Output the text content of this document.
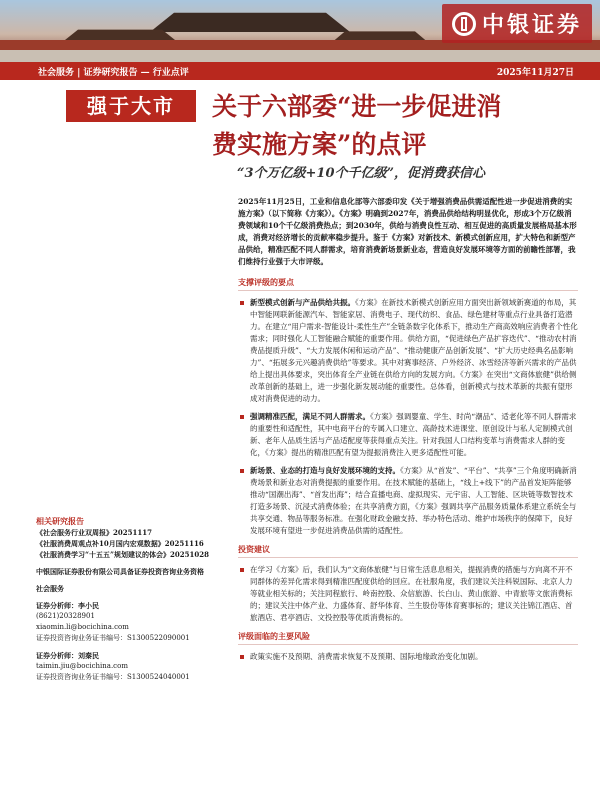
中银证券
社会服务 | 证券研究报告 — 行业点评	2025年11月27日
强于大市	关于六部委“进一步促进消
费实施方案”的点评
“3个万亿级+10个千亿级”，促消费获信心

2025年11月25日，工业和信息化部等六部委印发《关于增强消费品供需适配性进一步促进消费的实施方案》（以下简称《方案》）。《方案》明确到2027年，消费品供给结构明显优化，形成3个万亿级消费领域和10个千亿级消费热点；到2030年，供给与消费良性互动、相互促进的高质量发展格局基本形成，消费对经济增长的贡献率稳步提升。鉴于《方案》对新技术、新模式创新应用，扩大特色和新型产品供给，精准匹配不同人群需求，培育消费新场景新业态，营造良好发展环境等方面的前瞻性部署，我们维持行业强于大市评级。

支撑评级的要点
新型模式创新与产品供给共振。《方案》在新技术新模式创新应用方面突出新领域新赛道的布局，其中智能网联新能源汽车、智能家居、消费电子、现代纺织、食品、绿色建材等重点行业具备打造潜力。在建立“用户需求-智能设计-柔性生产”全链条数字化体系下，推动生产商高效响应消费者个性化需求；同时强化人工智能融合赋能的重要作用。供给方面，“促进绿色产品扩容迭代”、“推动农村消费品提质升级”、“大力发展休闲和运动产品”、“推动健康产品创新发展”、“扩大历史经典名品影响力”、“拓展多元兴趣消费供给”等要求。其中对赛事经济、户外经济、冰雪经济等新兴需求的产品供给上提出具体要求，突出体育全产业链在供给方向的发展方向。《方案》在突出“文商体旅健”供给侧改革创新的基础上，进一步强化新发展动能的重要性。总体看，创新模式与技术革新的共振有望形成对消费促进的动力。
强调精准匹配，满足不同人群需求。《方案》强调婴童、学生、时尚“潮品”、适老化等不同人群需求的重要性和适配性，其中电商平台的专属入口建立、高龄技术进课堂、原创设计与私人定制模式创新、老年人品质生活与产品适配度等获得重点关注。针对我国人口结构变革与消费需求人群的变化，《方案》提出的精准匹配有望为提振消费注入更多适配性可能。
新场景、业态的打造与良好发展环境的支持。《方案》从“首发”、“平台”、“共享”三个角度明确新消费场景和新业态对消费提振的重要作用。在技术赋能的基础上，“线上+线下”的产品首发矩阵能够推动“国潮出海”、“首发出海”；结合直播电商、虚拟现实、元宇宙、人工智能、区块链等数智技术打造多场景、沉浸式消费体验；在共享消费方面，《方案》强调共享产品服务质量体系建立系统全与共享交通、物品等服务标准。在强化财政金融支持、举办特色活动、维护市场秩序的保障下，良好发展环境有望进一步促进消费品供需的适配性。
投资建议
在学习《方案》后，我们认为“文商体旅健”与日常生活息息相关，提振消费的措施与方向离不开不同群体的差异化需求得到精准匹配度供给的回应。在社服角度，我们建议关注科锐国际、北京人力等就业相关标的；关注同程旅行、岭南控股、众信旅游、长白山、黄山旅游、中青旅等文旅消费标的；建议关注中体产业、力盛体育、舒华体育、兰生股份等体育赛事标的；建议关注锦江酒店、首旅酒店、君亭酒店、文投控股等优质消费标的。
评级面临的主要风险
政策实施不及预期、消费需求恢复不及预期、国际地缘政治变化加剧。
相关研究报告
《社会服务行业双周报》20251117
《社服消费周观点补10月国内宏观数据》20251116
《社服消费学习“十五五”规划建议的体会》20251028
中银国际证券股份有限公司具备证券投资咨询业务资格
社会服务
证券分析师：李小民
(8621)20328901
xiaomin.li@bocichina.com
证券投资咨询业务证书编号：S1300522090001
证券分析师：刘秦民
taimin.jiu@bocichina.com
证券投资咨询业务证书编号：S1300524040001
